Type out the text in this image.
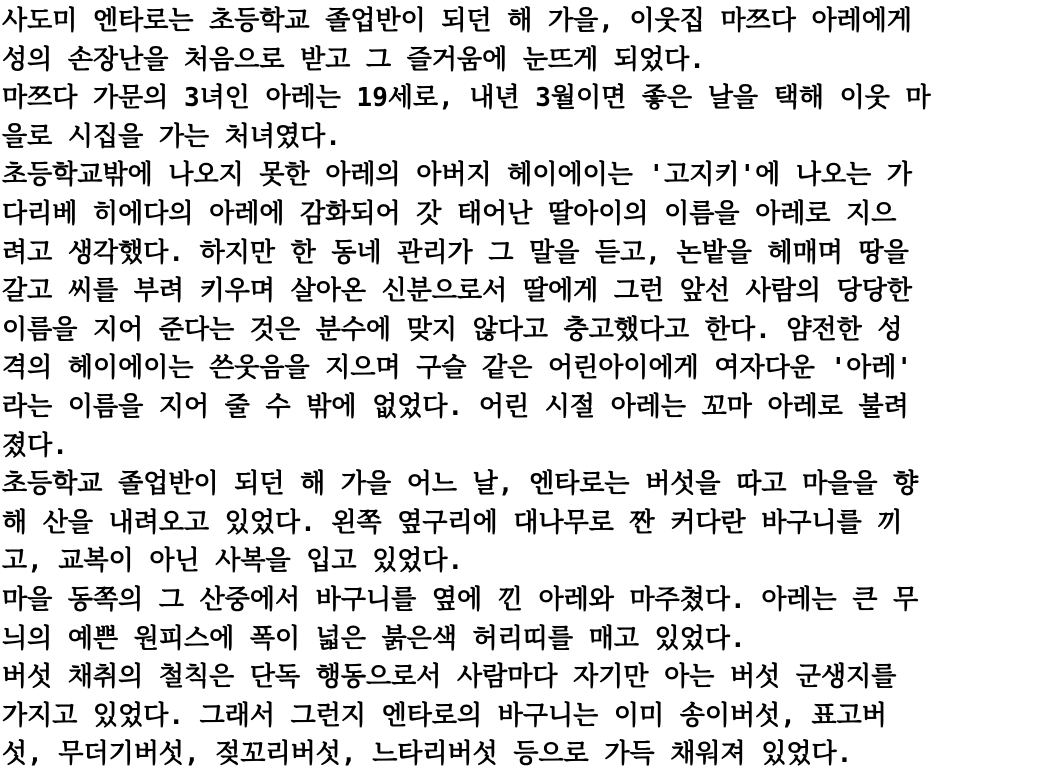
사도미 엔타로는 초등학교 졸업반이 되던 해 가을, 이웃집 마쯔다 아레에게
성의 손장난을 처음으로 받고 그 즐거움에 눈뜨게 되었다.
마쯔다 가문의 3녀인 아레는 19세로, 내년 3월이면 좋은 날을 택해 이웃 마
을로 시집을 가는 처녀였다.
초등학교밖에 나오지 못한 아레의 아버지 헤이에이는 '고지키'에 나오는 가
다리베 히에다의 아레에 감화되어 갓 태어난 딸아이의 이름을 아레로 지으
려고 생각했다. 하지만 한 동네 관리가 그 말을 듣고, 논밭을 헤매며 땅을
갈고 씨를 부려 키우며 살아온 신분으로서 딸에게 그런 앞선 사람의 당당한
이름을 지어 준다는 것은 분수에 맞지 않다고 충고했다고 한다. 얌전한 성
격의 헤이에이는 쓴웃음을 지으며 구슬 같은 어린아이에게 여자다운 '아레'
라는 이름을 지어 줄 수 밖에 없었다. 어린 시절 아레는 꼬마 아레로 불려
졌다.
초등학교 졸업반이 되던 해 가을 어느 날, 엔타로는 버섯을 따고 마을을 향
해 산을 내려오고 있었다. 왼쪽 옆구리에 대나무로 짠 커다란 바구니를 끼
고, 교복이 아닌 사복을 입고 있었다.
마을 동쪽의 그 산중에서 바구니를 옆에 낀 아레와 마주쳤다. 아레는 큰 무
늬의 예쁜 원피스에 폭이 넓은 붉은색 허리띠를 매고 있었다.
버섯 채취의 철칙은 단독 행동으로서 사람마다 자기만 아는 버섯 군생지를
가지고 있었다. 그래서 그런지 엔타로의 바구니는 이미 송이버섯, 표고버
섯, 무더기버섯, 젖꼬리버섯, 느타리버섯 등으로 가득 채워져 있었다.
